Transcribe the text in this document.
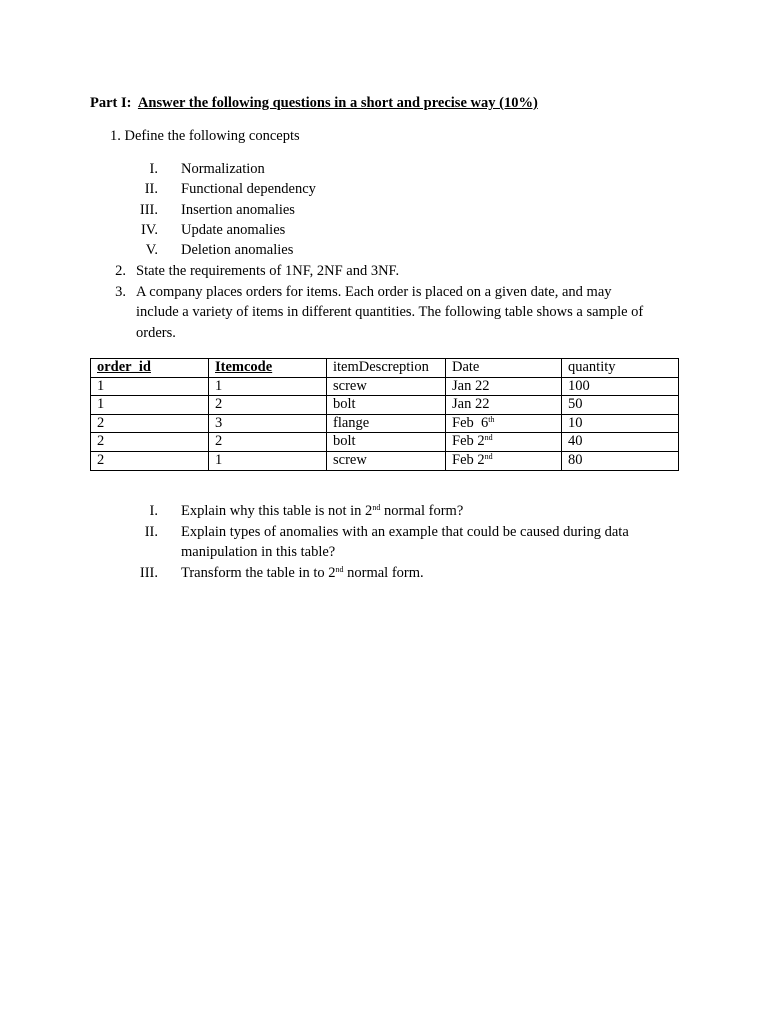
Part I: Answer the following questions in a short and precise way (10%)
1. Define the following concepts
I. Normalization
II. Functional dependency
III. Insertion anomalies
IV. Update anomalies
V. Deletion anomalies
2. State the requirements of 1NF, 2NF and 3NF.
3. A company places orders for items. Each order is placed on a given date, and may
include a variety of items in different quantities. The following table shows a sample of
orders.
order_id	Itemcode	itemDescreption	Date	quantity
1	1	screw	Jan 22	100
1	2	bolt	Jan 22	50
2	3	flange	Feb  6th	10
2	2	bolt	Feb 2nd	40
2	1	screw	Feb 2nd	80
I. Explain why this table is not in 2nd normal form?
II. Explain types of anomalies with an example that could be caused during data
manipulation in this table?
III. Transform the table in to 2nd normal form.
